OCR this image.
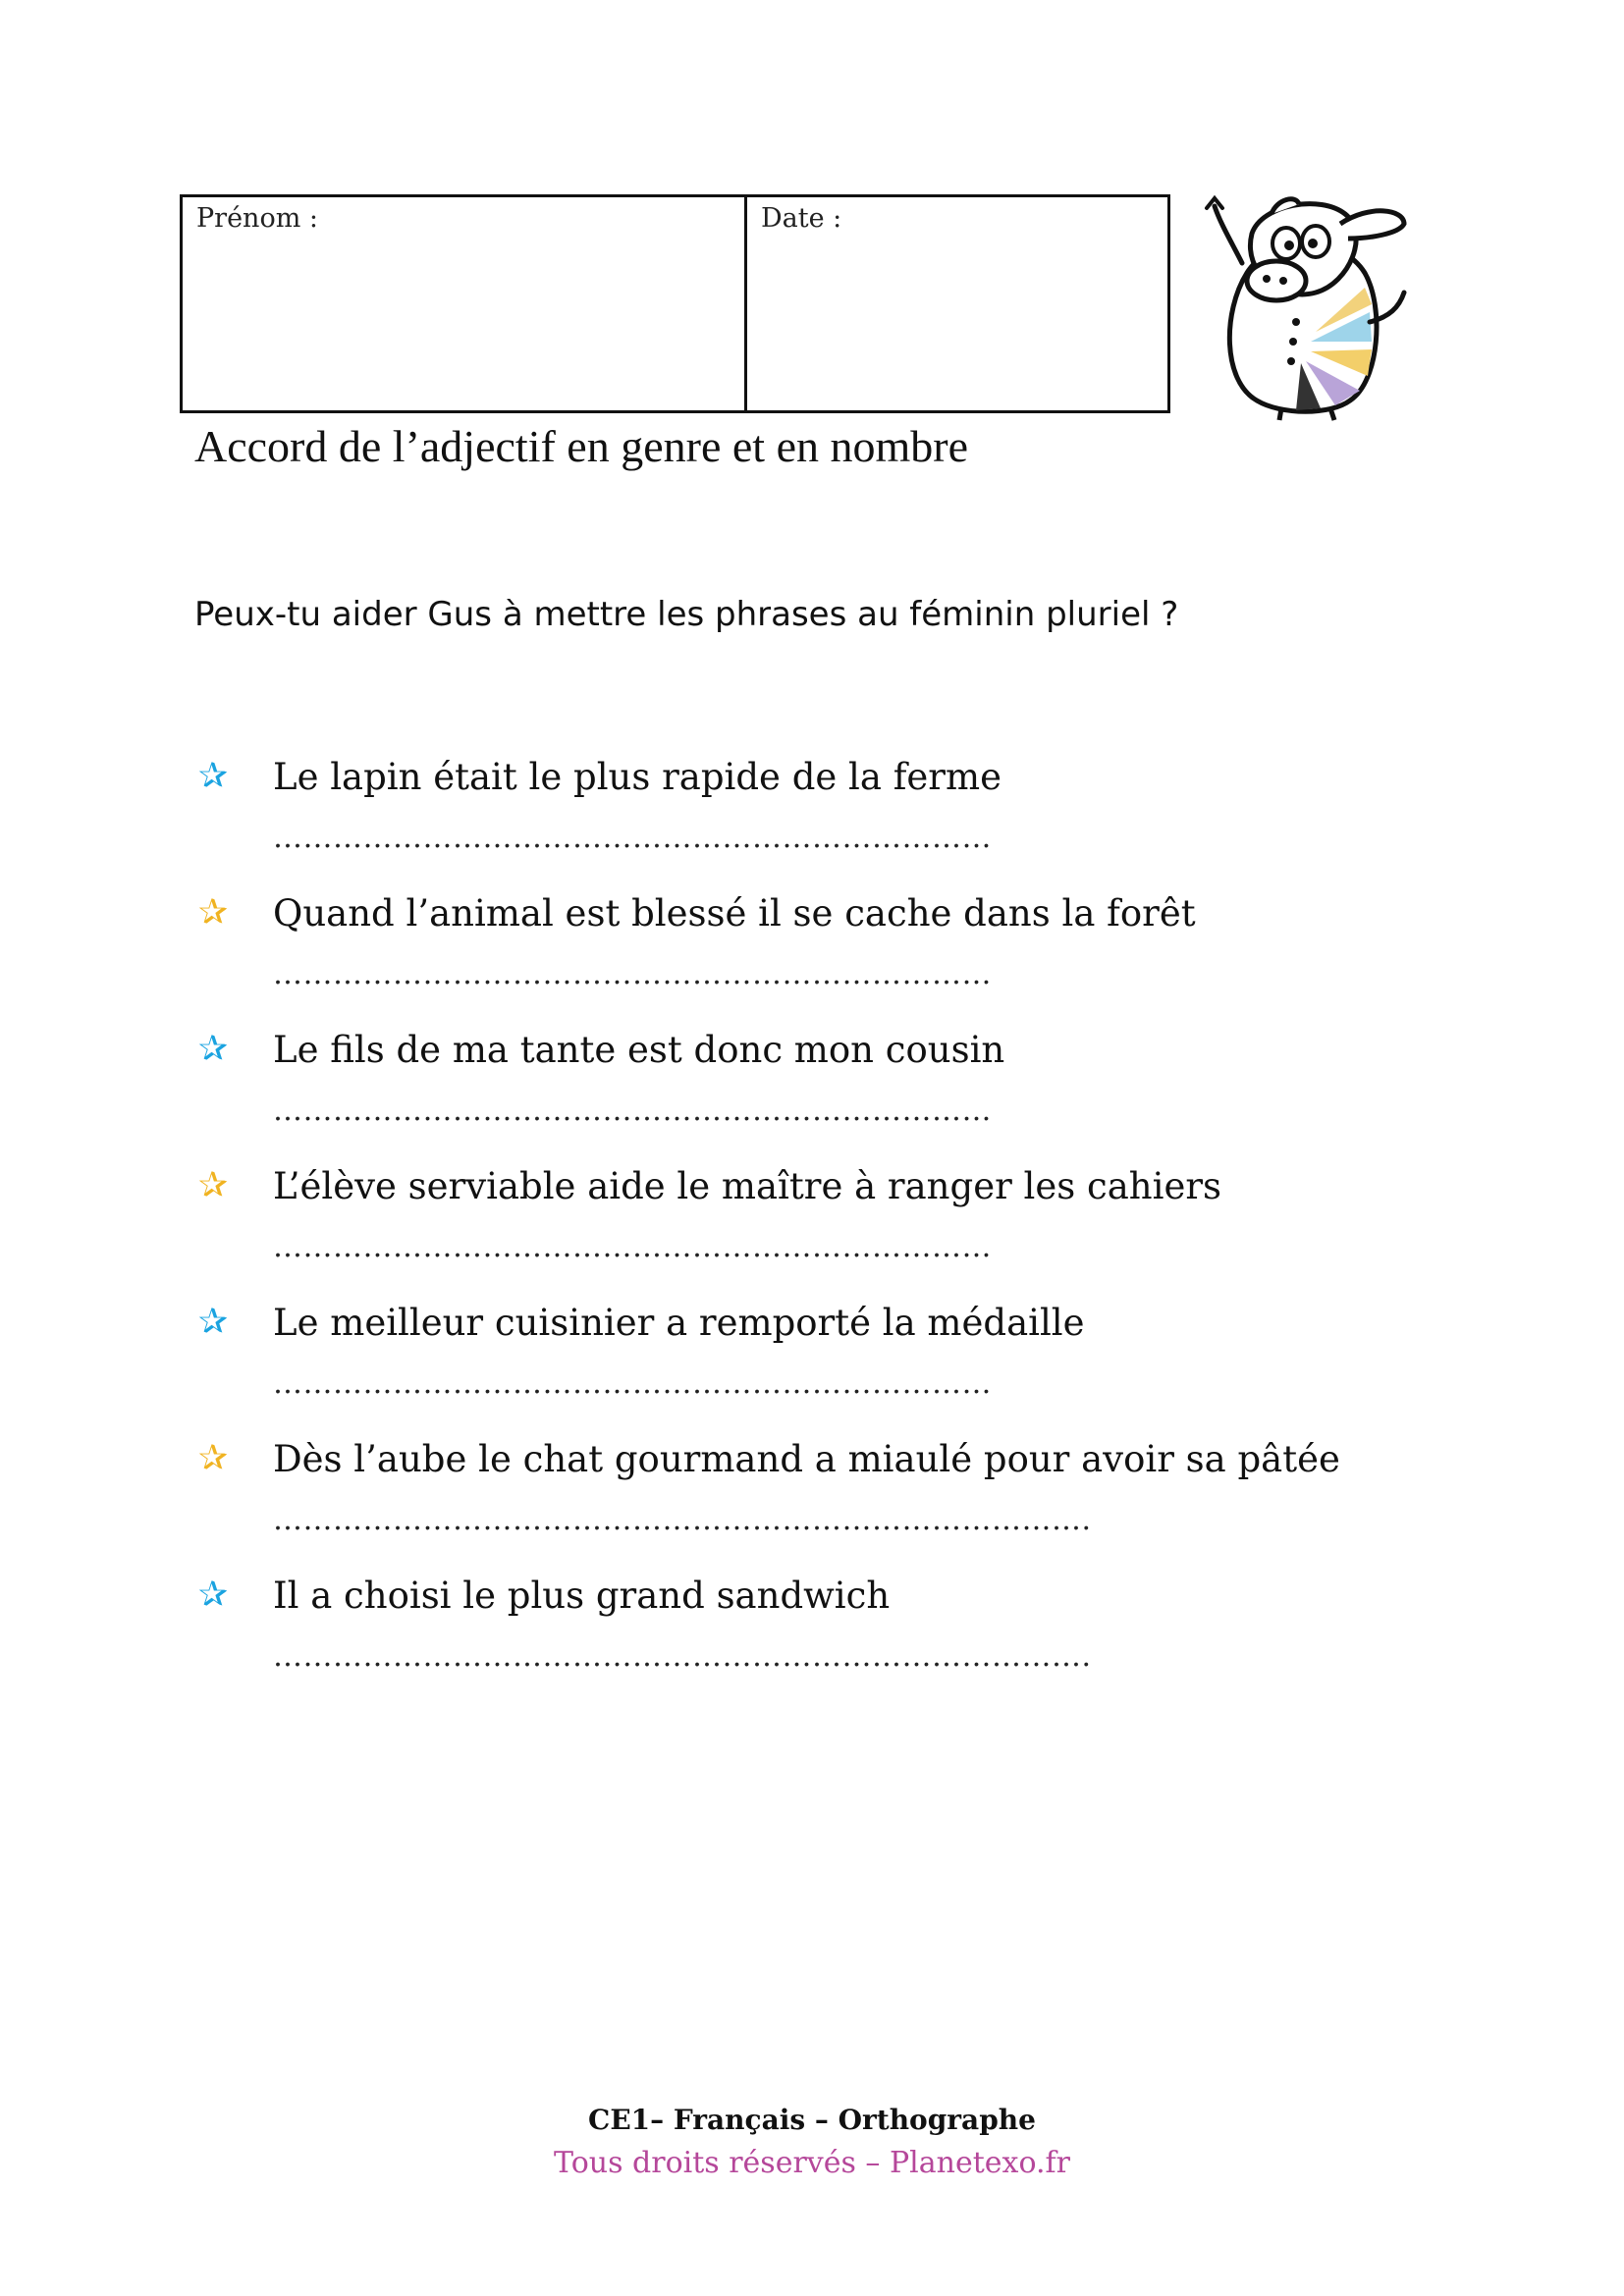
Prénom :	Date :
Accord de l’adjectif en genre et en nombre
Peux-tu aider Gus à mettre les phrases au féminin pluriel ?
✰ Le lapin était le plus rapide de la ferme
………………………………………………………………
✰ Quand l’animal est blessé il se cache dans la forêt
………………………………………………………………
✰ Le fils de ma tante est donc mon cousin
………………………………………………………………
✰ L’élève serviable aide le maître à ranger les cahiers
………………………………………………………………
✰ Le meilleur cuisinier a remporté la médaille
………………………………………………………………
✰ Dès l’aube le chat gourmand a miaulé pour avoir sa pâtée
……………………………………………………………………….
✰ Il a choisi le plus grand sandwich
……………………………………………………………………….
CE1– Français – Orthographe
Tous droits réservés – Planetexo.fr
